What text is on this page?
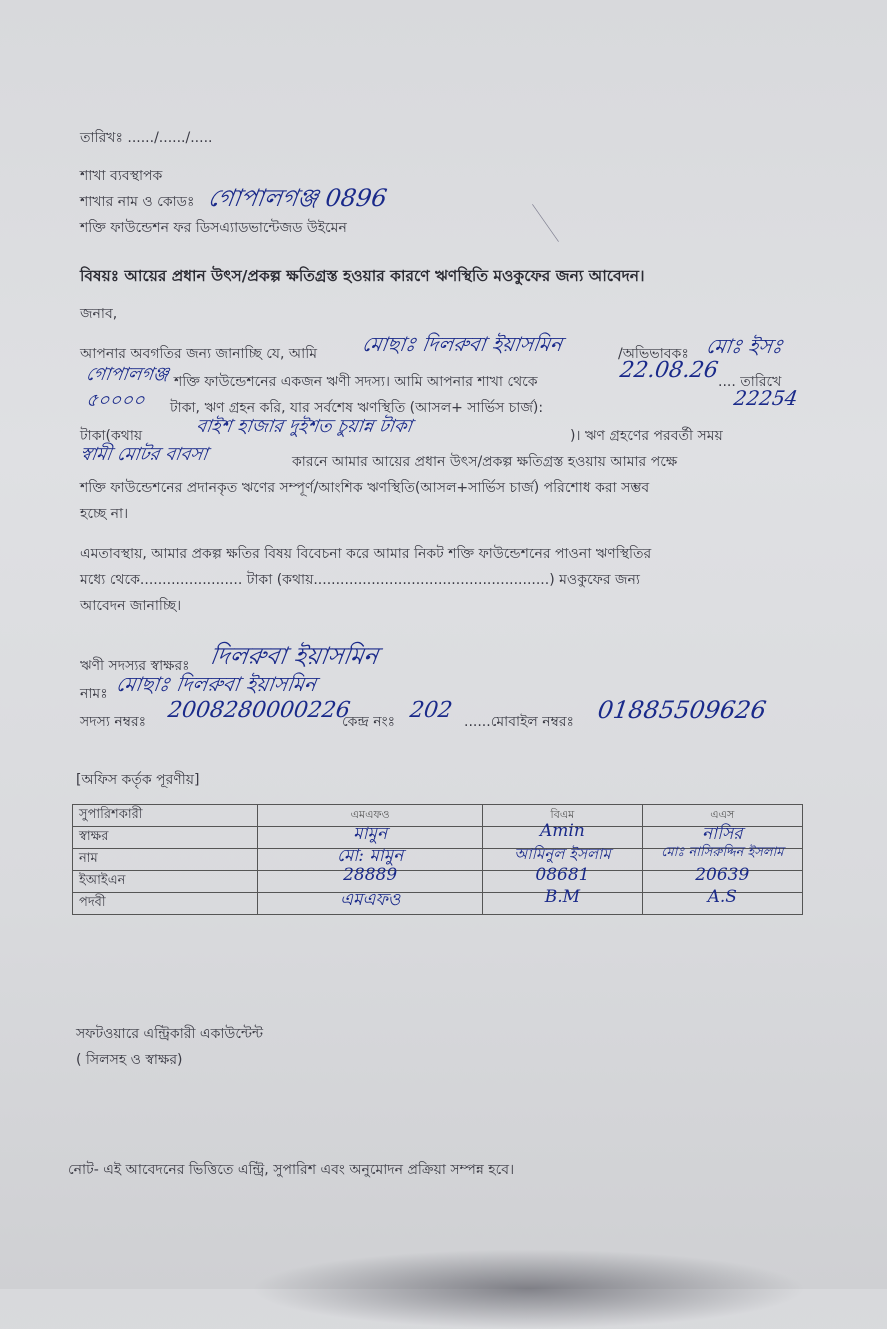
তারিখঃ ....../....../.....
শাখা ব্যবস্থাপক
শাখার নাম ও কোডঃ গোপালগঞ্জ 0896
শক্তি ফাউন্ডেশন ফর ডিসএ্যাডভান্টেজড উইমেন
বিষয়ঃ আয়ের প্রধান উৎস/প্রকল্প ক্ষতিগ্রস্ত হওয়ার কারণে ঋণস্থিতি মওকুফের জন্য আবেদন।
জনাব,
আপনার অবগতির জন্য জানাচ্ছি যে, আমি মোছাঃ দিলরুবা ইয়াসমিন	/অভিভাবকঃ মোঃ ইসঃ
গোপালগঞ্জ শক্তি ফাউন্ডেশনের একজন ঋণী সদস্য। আমি আপনার শাখা থেকে	22.08.26
.... তারিখে
৫০০০০ টাকা, ঋণ গ্রহন করি, যার সর্বশেষ ঋণস্থিতি (আসল+ সার্ভিস চার্জ):	22254
টাকা(কথায়	বাইশ হাজার দুইশত চুয়ান্ন টাকা	)। ঋণ গ্রহণের পরবর্তী সময়
স্বামী মোটর বাবসা	কারনে আমার আয়ের প্রধান উৎস/প্রকল্প ক্ষতিগ্রস্ত হওয়ায় আমার পক্ষে
শক্তি ফাউন্ডেশনের প্রদানকৃত ঋণের সম্পূর্ণ/আংশিক ঋণস্থিতি(আসল+সার্ভিস চার্জ) পরিশোধ করা সম্ভব
হচ্ছে না।
এমতাবস্থায়, আমার প্রকল্প ক্ষতির বিষয় বিবেচনা করে আমার নিকট শক্তি ফাউন্ডেশনের পাওনা ঋণস্থিতির
মধ্যে থেকে....................... টাকা (কথায়.....................................................) মওকুফের জন্য
আবেদন জানাচ্ছি।
ঋণী সদস্যর স্বাক্ষরঃ দিলরুবা ইয়াসমিন
নামঃ মোছাঃ দিলরুবা ইয়াসমিন
সদস্য নম্বরঃ 2008280000226
কেন্দ্র নংঃ 202 ......মোবাইল নম্বরঃ 01885509626
[অফিস কর্তৃক পূরণীয়]
সুপারিশকারী	এমএফও	বিএম	এএস
স্বাক্ষর	মামুন	Amin	নাসির

নাম	মো: মামুন	আমিনুল ইসলাম	মোঃ নাসিরুদ্দিন ইসলাম

ইআইএন	28889	08681	20639

পদবী	এমএফও	B.M	A.S
সফটওয়ারে এন্ট্রিকারী একাউন্টেন্ট
( সিলসহ ও স্বাক্ষর)
নোট- এই আবেদনের ভিত্তিতে এন্ট্রি, সুপারিশ এবং অনুমোদন প্রক্রিয়া সম্পন্ন হবে।
